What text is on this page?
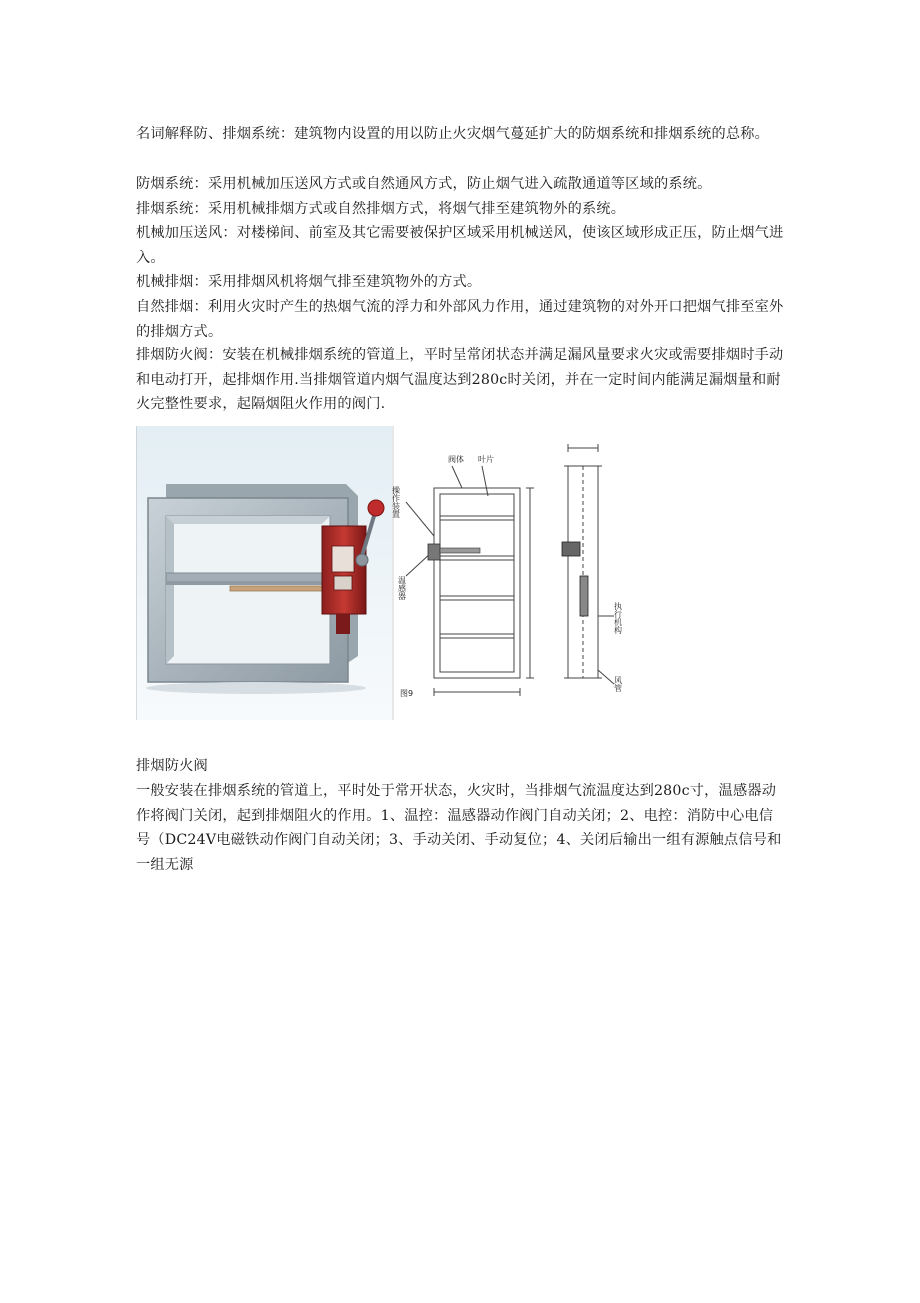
名词解释防、排烟系统：建筑物内设置的用以防止火灾烟气蔓延扩大的防烟系统和排烟系统的总称。

防烟系统：采用机械加压送风方式或自然通风方式，防止烟气进入疏散通道等区域的系统。

排烟系统：采用机械排烟方式或自然排烟方式，将烟气排至建筑物外的系统。

机械加压送风：对楼梯间、前室及其它需要被保护区域采用机械送风，使该区域形成正压，防止烟气进入。

机械排烟：采用排烟风机将烟气排至建筑物外的方式。

自然排烟：利用火灾时产生的热烟气流的浮力和外部风力作用，通过建筑物的对外开口把烟气排至室外的排烟方式。

排烟防火阀：安装在机械排烟系统的管道上，平时呈常闭状态并满足漏风量要求火灾或需要排烟时手动和电动打开，起排烟作用.当排烟管道内烟气温度达到280c时关闭，并在一定时间内能满足漏烟量和耐火完整性要求，起隔烟阻火作用的阀门.

阀体 叶片
操作装置
温感器
执行机构
风管
图9

排烟防火阀

一般安装在排烟系统的管道上，平时处于常开状态，火灾时，当排烟气流温度达到280c寸，温感器动作将阀门关闭，起到排烟阻火的作用。1、温控：温感器动作阀门自动关闭；2、电控：消防中心电信号（DC24V电磁铁动作阀门自动关闭；3、手动关闭、手动复位；4、关闭后输出一组有源触点信号和一组无源
